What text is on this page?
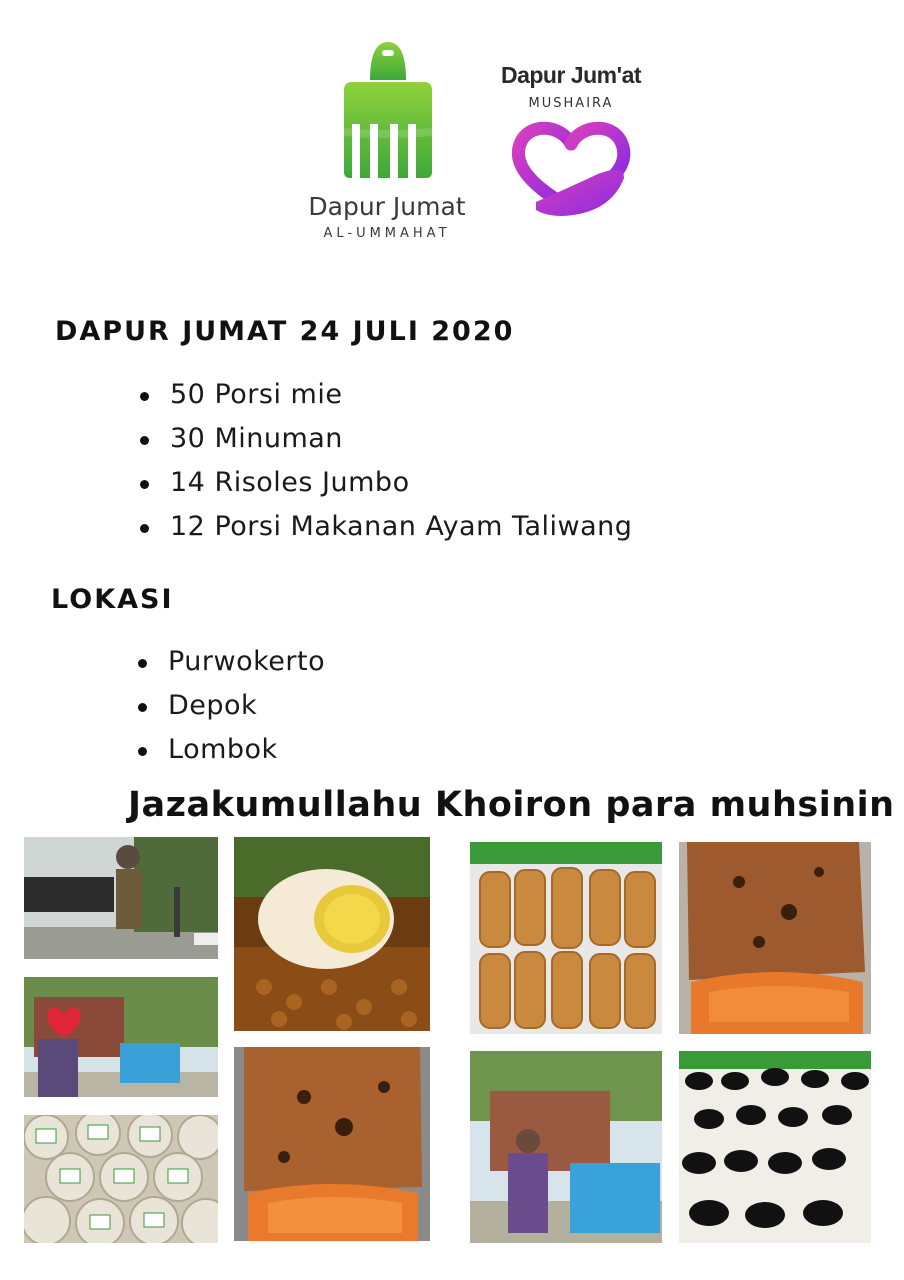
Dapur Jumat
AL-UMMAHAT
Dapur Jum'at
MUSHAIRA
DAPUR JUMAT 24 JULI 2020
50 Porsi mie
30 Minuman
14 Risoles Jumbo
12 Porsi Makanan Ayam Taliwang
LOKASI
Purwokerto
Depok
Lombok
Jazakumullahu Khoiron para muhsinin
